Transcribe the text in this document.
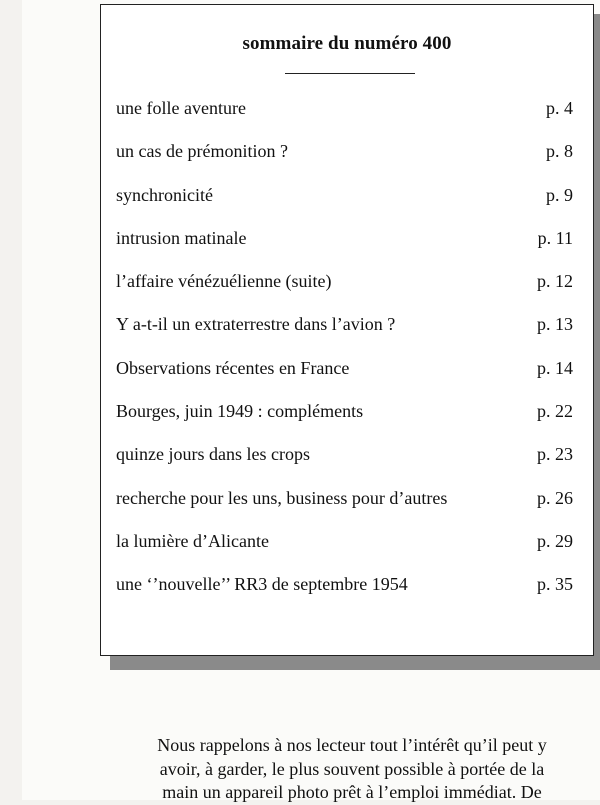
sommaire du numéro 400
une folle aventure	p. 4
un cas de prémonition ?	p. 8
synchronicité	p. 9
intrusion matinale	p. 11
l’affaire vénézuélienne (suite)	p. 12
Y a-t-il un extraterrestre dans l’avion ?	p. 13
Observations récentes en France	p. 14
Bourges, juin 1949 : compléments	p. 22
quinze jours dans les crops	p. 23
recherche pour les uns, business pour d’autres	p. 26
la lumière d’Alicante	p. 29
une ‘’nouvelle’’ RR3 de septembre 1954	p. 35

Nous rappelons à nos lecteur tout l’intérêt qu’il peut y
avoir, à garder, le plus souvent possible à portée de la
main un appareil photo prêt à l’emploi immédiat. De
